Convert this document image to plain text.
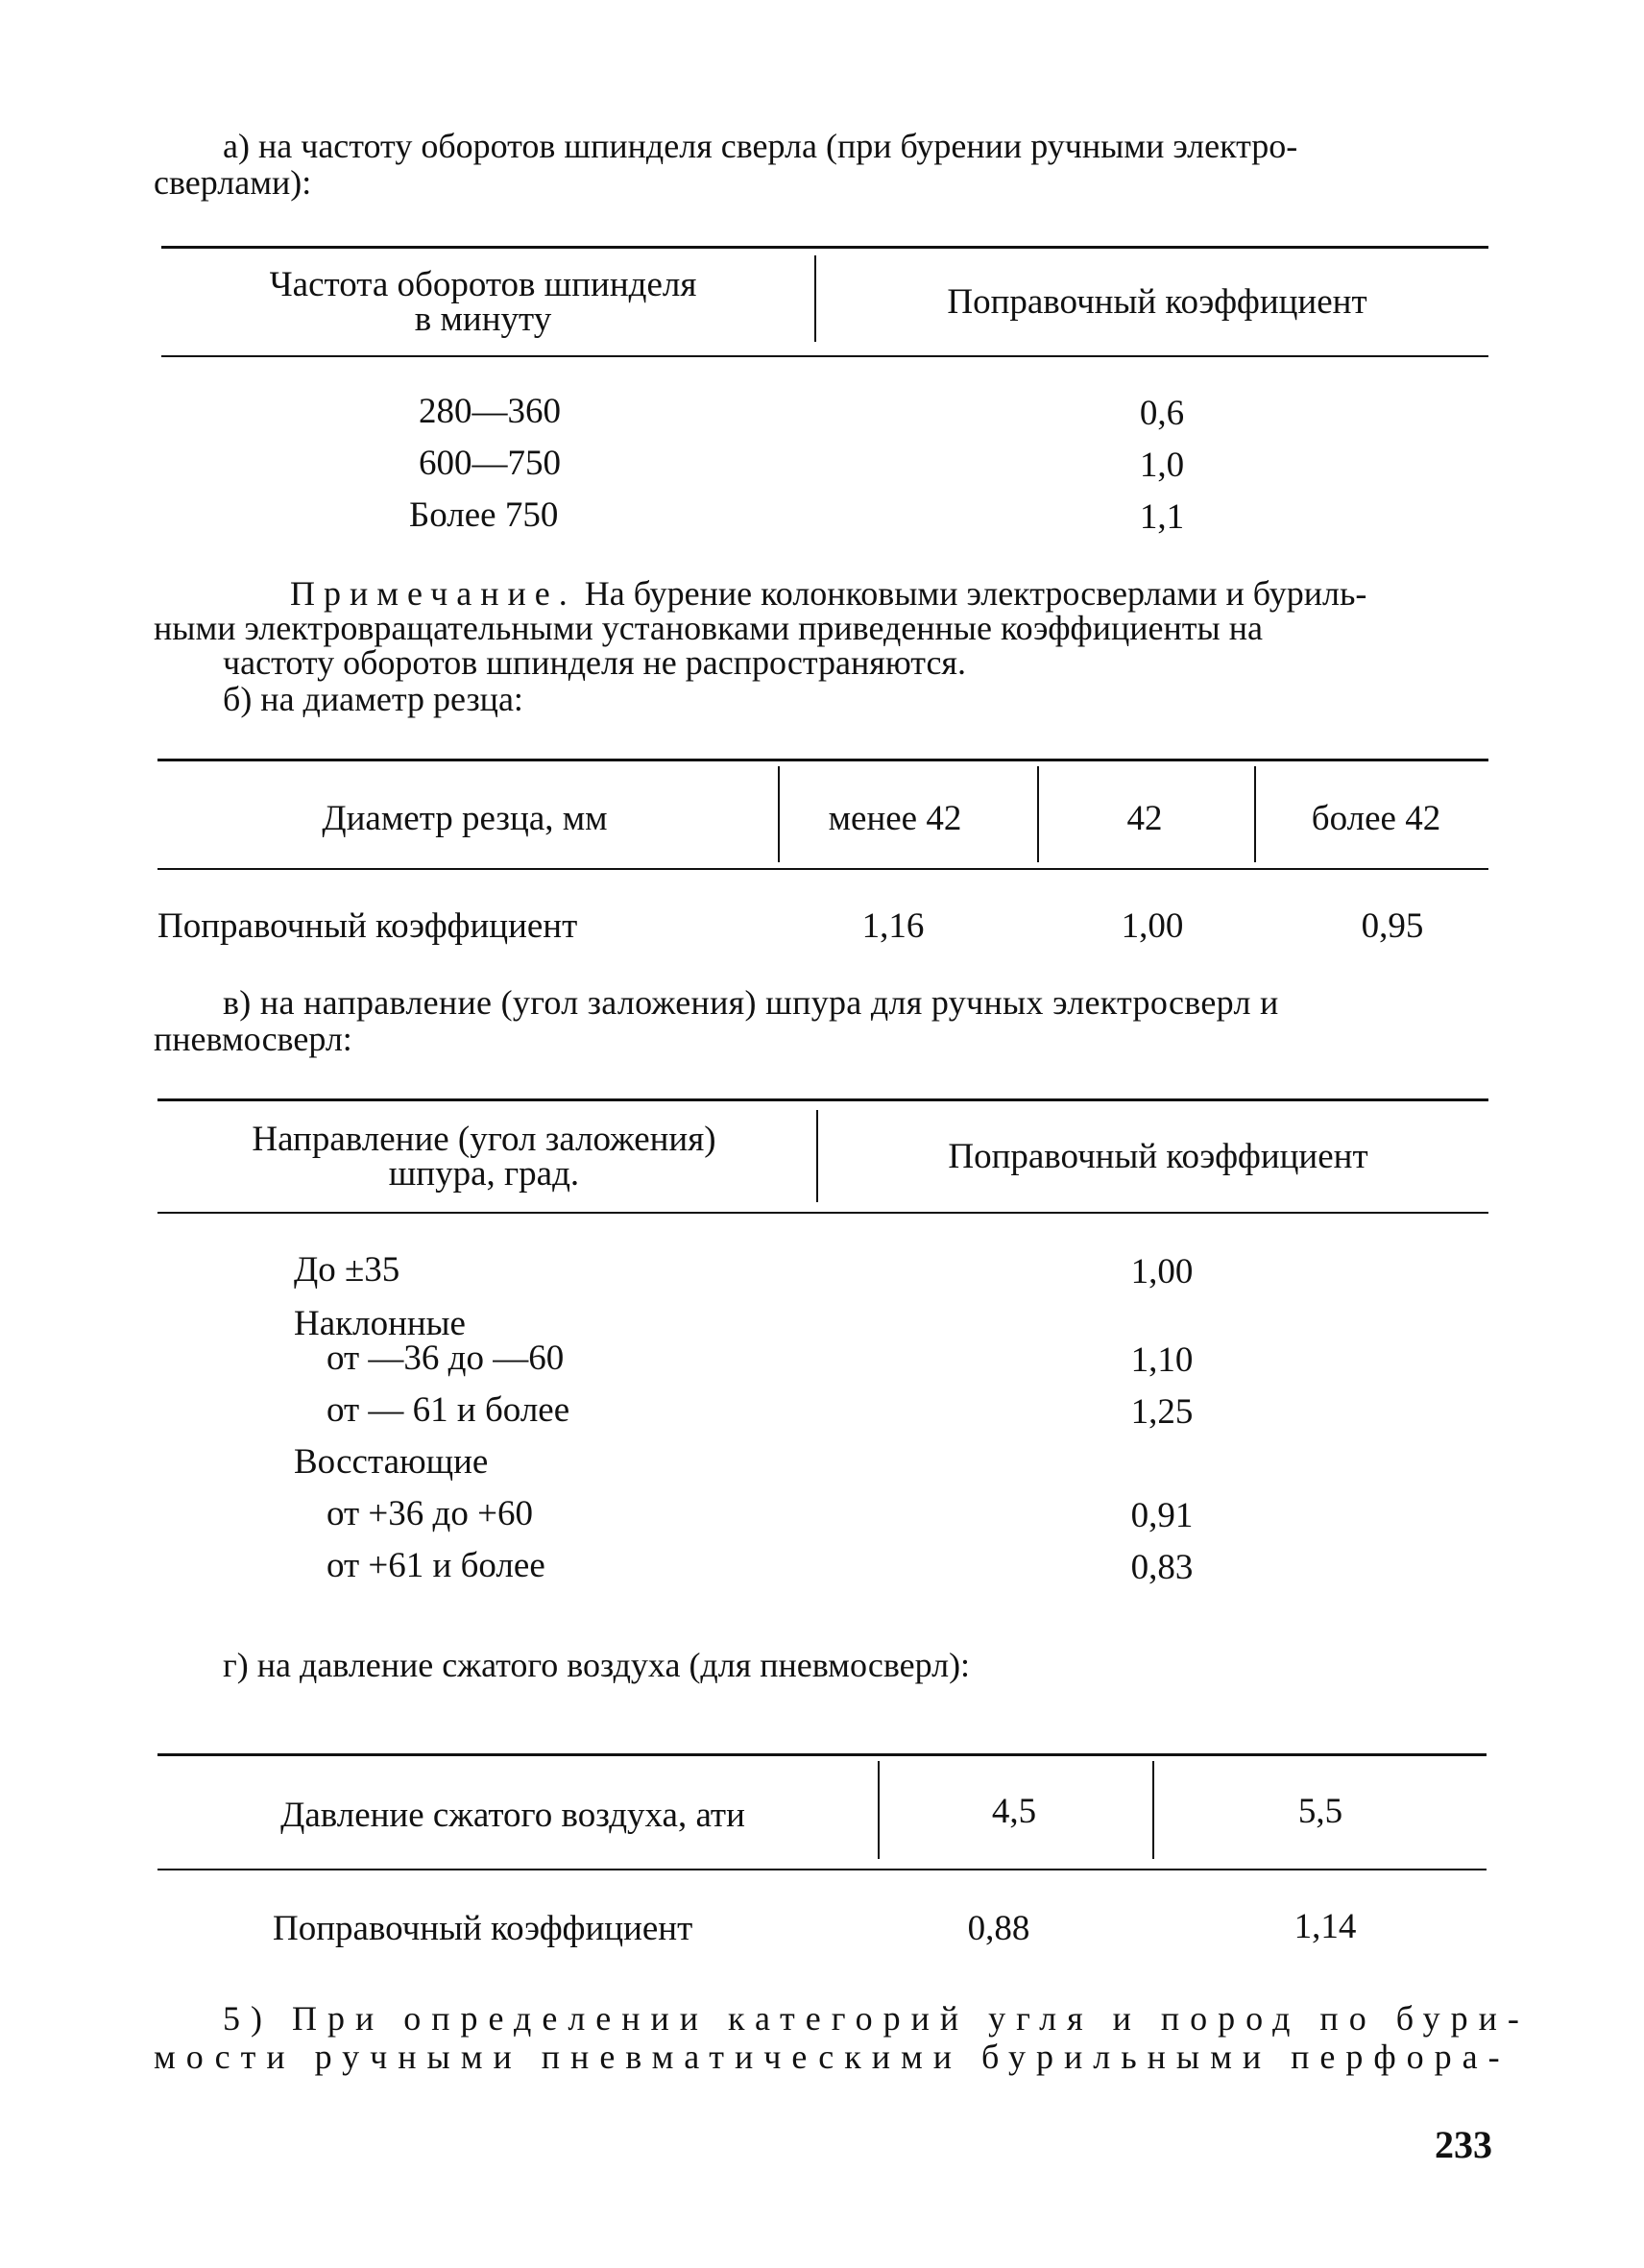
а) на частоту оборотов шпинделя сверла (при бурении ручными электро-
сверлами):
Частота оборотов шпинделя
в минуту	Поправочный коэффициент
280—360	0,6
600—750	1,0
Более 750	1,1
Примечание. На бурение колонковыми электросверлами и буриль-
ными электровращательными установками приведенные коэффициенты на
частоту оборотов шпинделя не распространяются.
б) на диаметр резца:
Диаметр резца, мм	менее 42	42	более 42
Поправочный коэффициент	1,16	1,00	0,95
в) на направление (угол заложения) шпура для ручных электросверл и
пневмосверл:
Направление (угол заложения)
шпура, град.	Поправочный коэффициент
До ±35	1,00
Наклонные
от —36 до —60	1,10
от — 61 и более	1,25
Восстающие
от +36 до +60	0,91
от +61 и более	0,83
г) на давление сжатого воздуха (для пневмосверл):
Давление сжатого воздуха, ати	4,5	5,5
Поправочный коэффициент	0,88	1,14
5) При определении категорий угля и пород по бури-
мости ручными пневматическими бурильными перфора-
233
